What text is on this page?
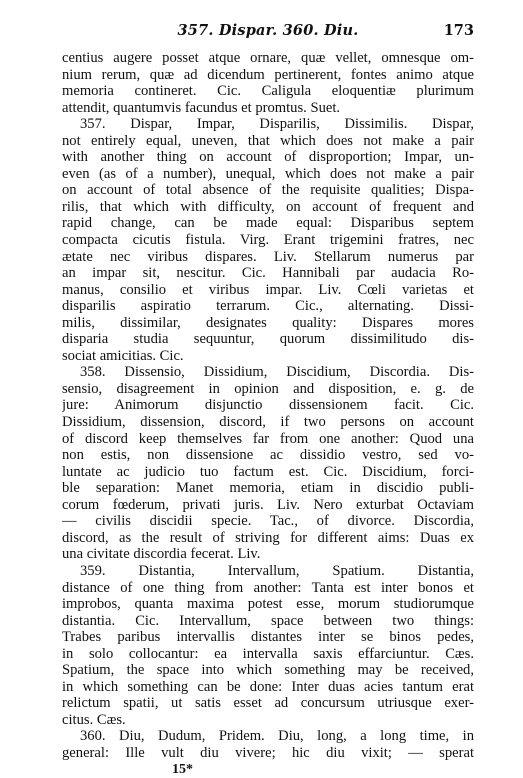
357. Dispar. 360. Diu.	173
centius augere posset atque ornare, quæ vellet, omnesque om-
nium rerum, quæ ad dicendum pertinerent, fontes animo atque
memoria contineret. Cic. Caligula eloquentiæ plurimum
attendit, quantumvis facundus et promtus. Suet.
357. Dispar, Impar, Disparilis, Dissimilis. Dispar,
not entirely equal, uneven, that which does not make a pair
with another thing on account of disproportion; Impar, un-
even (as of a number), unequal, which does not make a pair
on account of total absence of the requisite qualities; Dispa-
rilis, that which with difficulty, on account of frequent and
rapid change, can be made equal: Disparibus septem
compacta cicutis fistula. Virg. Erant trigemini fratres, nec
ætate nec viribus dispares. Liv. Stellarum numerus par
an impar sit, nescitur. Cic. Hannibali par audacia Ro-
manus, consilio et viribus impar. Liv. Cœli varietas et
disparilis aspiratio terrarum. Cic., alternating. Dissi-
milis, dissimilar, designates quality: Dispares mores
disparia studia sequuntur, quorum dissimilitudo dis-
sociat amicitias. Cic.
358. Dissensio, Dissidium, Discidium, Discordia. Dis-
sensio, disagreement in opinion and disposition, e. g. de
jure: Animorum disjunctio dissensionem facit. Cic.
Dissidium, dissension, discord, if two persons on account
of discord keep themselves far from one another: Quod una
non estis, non dissensione ac dissidio vestro, sed vo-
luntate ac judicio tuo factum est. Cic. Discidium, forci-
ble separation: Manet memoria, etiam in discidio publi-
corum fœderum, privati juris. Liv. Nero exturbat Octaviam
— civilis discidii specie. Tac., of divorce. Discordia,
discord, as the result of striving for different aims: Duas ex
una civitate discordia fecerat. Liv.
359. Distantia, Intervallum, Spatium. Distantia,
distance of one thing from another: Tanta est inter bonos et
improbos, quanta maxima potest esse, morum studiorumque
distantia. Cic. Intervallum, space between two things:
Trabes paribus intervallis distantes inter se binos pedes,
in solo collocantur: ea intervalla saxis effarciuntur. Cæs.
Spatium, the space into which something may be received,
in which something can be done: Inter duas acies tantum erat
relictum spatii, ut satis esset ad concursum utriusque exer-
citus. Cæs.
360. Diu, Dudum, Pridem. Diu, long, a long time, in
general: Ille vult diu vivere; hic diu vixit; — sperat
15*
